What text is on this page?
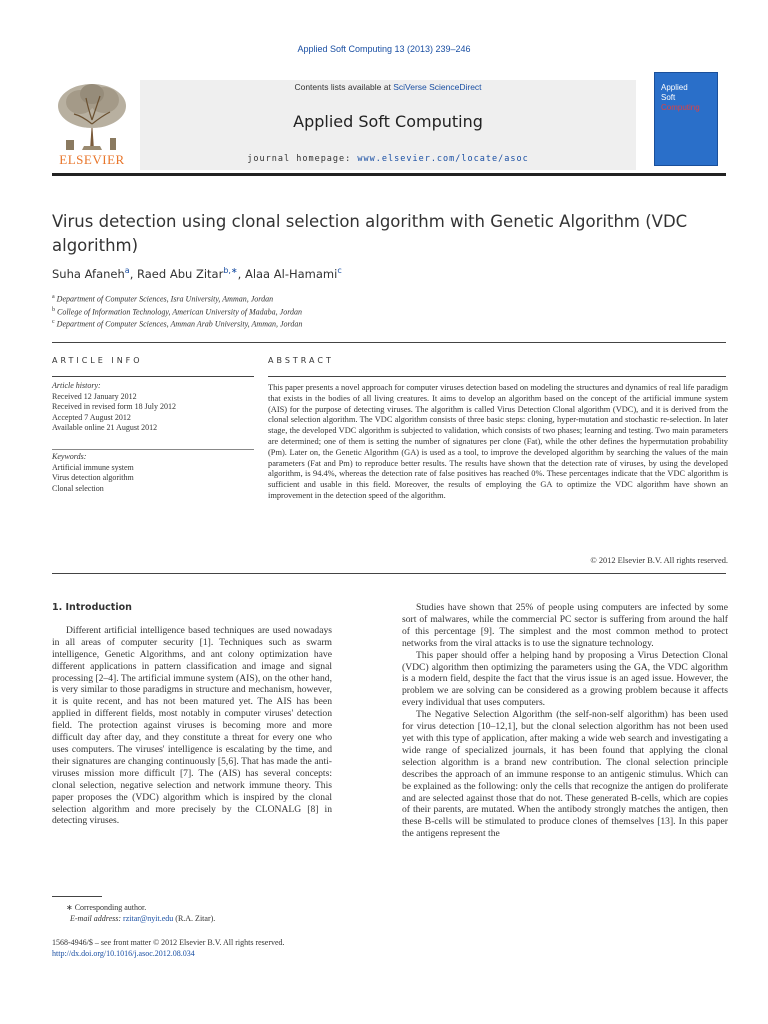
Applied Soft Computing 13 (2013) 239–246
ELSEVIER
Contents lists available at SciVerse ScienceDirect
Applied Soft Computing
journal homepage: www.elsevier.com/locate/asoc
Applied
Soft
Computing
Virus detection using clonal selection algorithm with Genetic Algorithm (VDC algorithm)
Suha Afaneh$^a$, Raed Abu Zitar$^{b,∗}$, Alaa Al-Hamami$^c$
$^a$ Department of Computer Sciences, Isra University, Amman, Jordan
$^b$ College of Information Technology, American University of Madaba, Jordan
$^c$ Department of Computer Sciences, Amman Arab University, Amman, Jordan
ARTICLE INFO	ABSTRACT
Article history:
Received 12 January 2012
Received in revised form 18 July 2012
Accepted 7 August 2012
Available online 21 August 2012
Keywords:
Artificial immune system
Virus detection algorithm
Clonal selection
This paper presents a novel approach for computer viruses detection based on modeling the structures and dynamics of real life paradigm that exists in the bodies of all living creatures. It aims to develop an algorithm based on the concept of the artificial immune system (AIS) for the purpose of detecting viruses. The algorithm is called Virus Detection Clonal algorithm (VDC), and it is derived from the clonal selection algorithm. The VDC algorithm consists of three basic steps: cloning, hyper-mutation and stochastic re-selection. In later stage, the developed VDC algorithm is subjected to validation, which consists of two phases; learning and testing. Two main parameters are determined; one of them is setting the number of signatures per clone (Fat), while the other defines the hypermutation probability (Pm). Later on, the Genetic Algorithm (GA) is used as a tool, to improve the developed algorithm by searching the values of the main parameters (Fat and Pm) to reproduce better results. The results have shown that the detection rate of viruses, by using the developed algorithm, is 94.4%, whereas the detection rate of false positives has reached 0%. These percentages indicate that the VDC algorithm is sufficient and usable in this field. Moreover, the results of employing the GA to optimize the VDC algorithm have shown an improvement in the detection speed of the algorithm.
© 2012 Elsevier B.V. All rights reserved.

1. Introduction

Different artificial intelligence based techniques are used nowadays in all areas of computer security [1]. Techniques such as swarm intelligence, Genetic Algorithms, and ant colony optimization have different applications in pattern classification and image and signal processing [2–4]. The artificial immune system (AIS), on the other hand, is very similar to those paradigms in structure and mechanism, however, it is quite recent, and has not been matured yet. The AIS has been applied in different fields, most notably in computer viruses' detection field. The protection against viruses is becoming more and more difficult day after day, and they constitute a threat for every one who uses computers. The viruses' intelligence is escalating by the time, and their signatures are changing continuously [5,6]. That has made the anti-viruses mission more difficult [7]. The (AIS) has several concepts: clonal selection, negative selection and network immune theory. This paper proposes the (VDC) algorithm which is inspired by the clonal selection algorithm and more precisely by the CLONALG [8] in detecting viruses.

Studies have shown that 25% of people using computers are infected by some sort of malwares, while the commercial PC sector is suffering from around the half of this percentage [9]. The simplest and the most common method to protect networks from the viral attacks is to use the signature technology.

This paper should offer a helping hand by proposing a Virus Detection Clonal (VDC) algorithm then optimizing the parameters using the GA, the VDC algorithm is a modern field, despite the fact that the virus issue is an aged issue. However, the problem we are solving can be considered as a growing problem because it affects every individual that uses computers.

The Negative Selection Algorithm (the self-non-self algorithm) has been used for virus detection [10–12,1], but the clonal selection algorithm has not been used yet with this type of application, after making a wide web search and investigating a wide range of specialized journals, it has been found that applying the clonal selection algorithm is a brand new contribution. The clonal selection principle describes the approach of an immune response to an antigenic stimulus. Which can be explained as the following: only the cells that recognize the antigen do proliferate and are selected against those that do not. These generated B-cells, which are copies of their parents, are mutated. When the antibody strongly matches the antigen, then these B-cells will be stimulated to produce clones of themselves [13]. In this paper the antigens represent the

∗ Corresponding author.
E-mail address: rzitar@nyit.edu (R.A. Zitar).
1568-4946/$ – see front matter © 2012 Elsevier B.V. All rights reserved.
http://dx.doi.org/10.1016/j.asoc.2012.08.034
